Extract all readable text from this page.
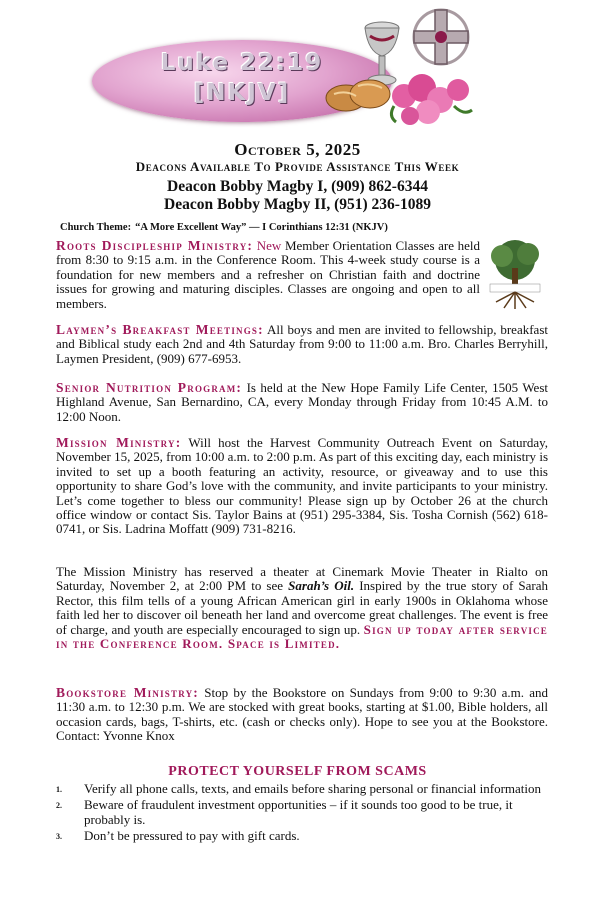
Luke 22:19
[NKJV]
October 5, 2025
Deacons Available To Provide Assistance This Week
Deacon Bobby Magby I, (909) 862-6344
Deacon Bobby Magby II, (951) 236-1089
Church Theme: “A More Excellent Way” — I Corinthians 12:31 (NKJV)
Roots Discipleship Ministry: New Member Orientation Classes are held from 8:30 to 9:15 a.m. in the Conference Room. This 4-week study course is a foundation for new members and a refresher on Christian faith and doctrine issues for growing and maturing disciples. Classes are ongoing and open to all members.
Laymen’s Breakfast Meetings: All boys and men are invited to fellowship, breakfast and Biblical study each 2nd and 4th Saturday from 9:00 to 11:00 a.m. Bro. Charles Berryhill, Laymen President, (909) 677-6953.
Senior Nutrition Program: Is held at the New Hope Family Life Center, 1505 West Highland Avenue, San Bernardino, CA, every Monday through Friday from 10:45 A.M. to 12:00 Noon.
Mission Ministry: Will host the Harvest Community Outreach Event on Saturday, November 15, 2025, from 10:00 a.m. to 2:00 p.m. As part of this exciting day, each ministry is invited to set up a booth featuring an activity, resource, or giveaway and to use this opportunity to share God’s love with the community, and invite participants to your ministry. Let’s come together to bless our community! Please sign up by October 26 at the church office window or contact Sis. Taylor Bains at (951) 295-3384, Sis. Tosha Cornish (562) 618-0741, or Sis. Ladrina Moffatt (909) 731-8216.
The Mission Ministry has reserved a theater at Cinemark Movie Theater in Rialto on Saturday, November 2, at 2:00 PM to see Sarah’s Oil. Inspired by the true story of Sarah Rector, this film tells of a young African American girl in early 1900s in Oklahoma whose faith led her to discover oil beneath her land and overcome great challenges. The event is free of charge, and youth are especially encouraged to sign up. Sign up today after service in the Conference Room. Space is Limited.
Bookstore Ministry: Stop by the Bookstore on Sundays from 9:00 to 9:30 a.m. and 11:30 a.m. to 12:30 p.m. We are stocked with great books, starting at $1.00, Bible holders, all occasion cards, bags, T-shirts, etc. (cash or checks only). Hope to see you at the Bookstore. Contact: Yvonne Knox
PROTECT YOURSELF FROM SCAMS
1. Verify all phone calls, texts, and emails before sharing personal or financial information
2. Beware of fraudulent investment opportunities – if it sounds too good to be true, it probably is.
3. Don’t be pressured to pay with gift cards.
